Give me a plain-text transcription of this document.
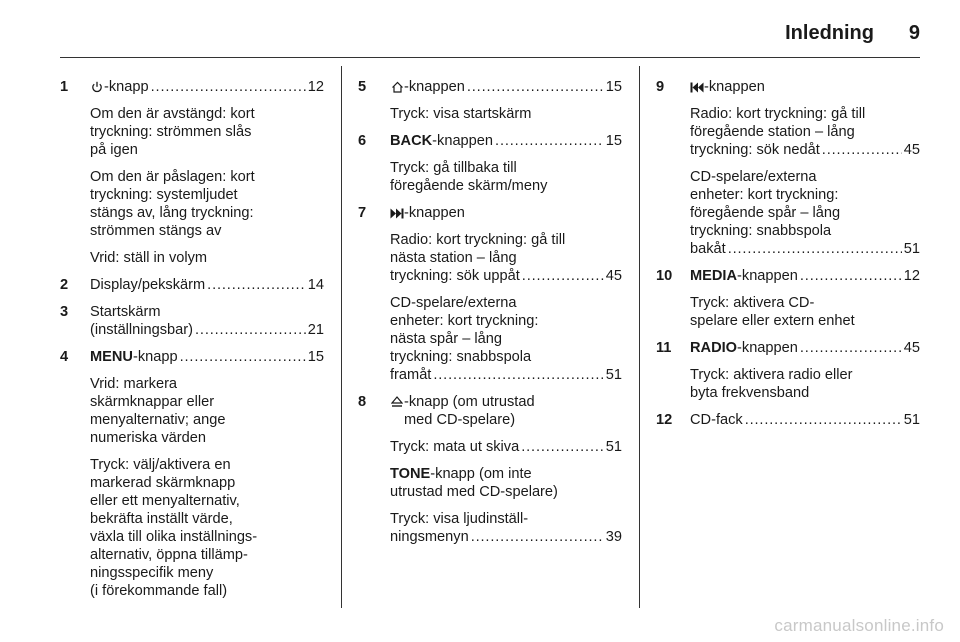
Inledning 9
1	-knapp . . .	12
Om den är avstängd: kort
tryckning: strömmen slås
på igen
Om den är påslagen: kort
tryckning: systemljudet
stängs av, lång tryckning:
strömmen stängs av
Vrid: ställ in volym
2	Display/pekskärm . . .	14
3	Startskärm
(inställningsbar) . . .	21
4	MENU-knapp . . .	15
Vrid: markera
skärmknappar eller
menyalternativ; ange
numeriska värden
Tryck: välj/aktivera en
markerad skärmknapp
eller ett menyalternativ,
bekräfta inställt värde,
växla till olika inställnings-
alternativ, öppna tillämp-
ningsspecifik meny
(i förekommande fall)
5	-knappen . . .	15
Tryck: visa startskärm
6	BACK-knappen . . .	15
Tryck: gå tillbaka till
föregående skärm/meny
7	-knappen
Radio: kort tryckning: gå till
nästa station – lång
tryckning: sök uppåt . . .	45
CD-spelare/externa
enheter: kort tryckning:
nästa spår – lång
tryckning: snabbspola
framåt . . .	51
8	-knapp (om utrustad
med CD-spelare)
Tryck: mata ut skiva . . .	51
TONE-knapp (om inte
utrustad med CD-spelare)
Tryck: visa ljudinställ-
ningsmenyn . . .	39
9	-knappen
Radio: kort tryckning: gå till
föregående station – lång
tryckning: sök nedåt . . .	45
CD-spelare/externa
enheter: kort tryckning:
föregående spår – lång
tryckning: snabbspola
bakåt . . .	51
10	MEDIA-knappen . . .	12
Tryck: aktivera CD-
spelare eller extern enhet
11	RADIO-knappen . . .	45
Tryck: aktivera radio eller
byta frekvensband
12	CD-fack . . .	51
carmanualsonline.info
